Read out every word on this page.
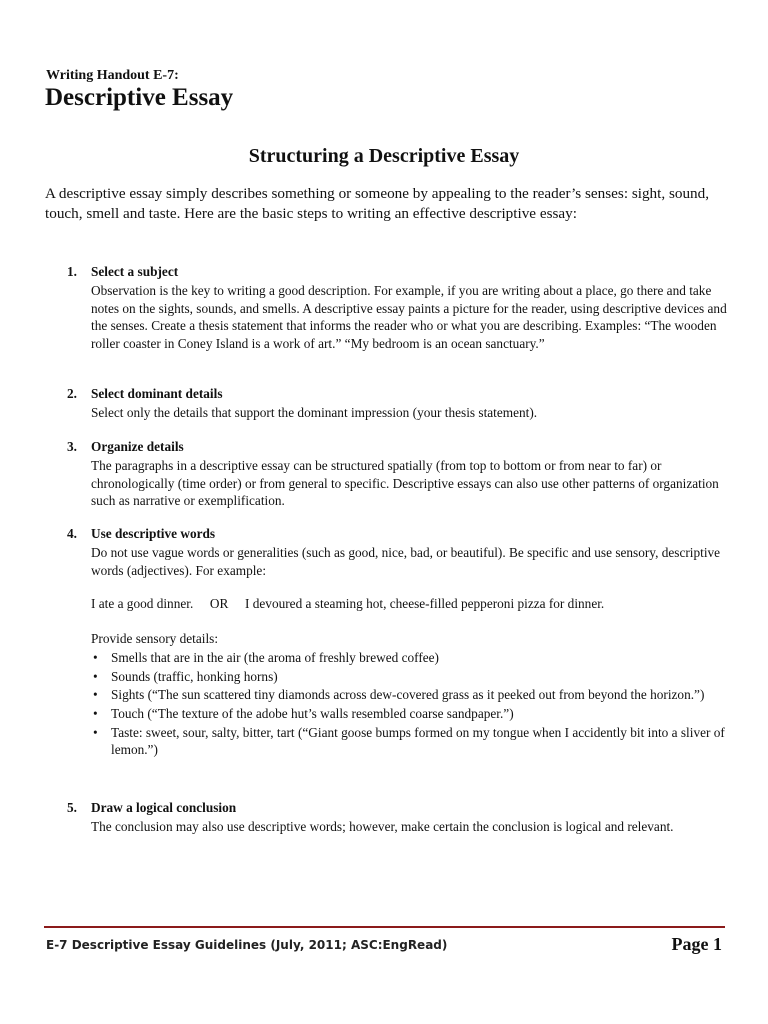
Writing Handout E-7:
Descriptive Essay
Structuring a Descriptive Essay
A descriptive essay simply describes something or someone by appealing to the reader’s senses: sight, sound, touch, smell and taste. Here are the basic steps to writing an effective descriptive essay:
1. Select a subject
Observation is the key to writing a good description. For example, if you are writing about a place, go there and take notes on the sights, sounds, and smells. A descriptive essay paints a picture for the reader, using descriptive devices and the senses. Create a thesis statement that informs the reader who or what you are describing. Examples: “The wooden roller coaster in Coney Island is a work of art.” “My bedroom is an ocean sanctuary.”
2. Select dominant details
Select only the details that support the dominant impression (your thesis statement).
3. Organize details
The paragraphs in a descriptive essay can be structured spatially (from top to bottom or from near to far) or chronologically (time order) or from general to specific. Descriptive essays can also use other patterns of organization such as narrative or exemplification.
4. Use descriptive words
Do not use vague words or generalities (such as good, nice, bad, or beautiful). Be specific and use sensory, descriptive words (adjectives). For example:
I ate a good dinner.     OR     I devoured a steaming hot, cheese-filled pepperoni pizza for dinner.
Provide sensory details:
• Smells that are in the air (the aroma of freshly brewed coffee)
• Sounds (traffic, honking horns)
• Sights (“The sun scattered tiny diamonds across dew-covered grass as it peeked out from beyond the horizon.”)
• Touch (“The texture of the adobe hut’s walls resembled coarse sandpaper.”)
• Taste: sweet, sour, salty, bitter, tart (“Giant goose bumps formed on my tongue when I accidently bit into a sliver of lemon.”)
5. Draw a logical conclusion
The conclusion may also use descriptive words; however, make certain the conclusion is logical and relevant.
E-7 Descriptive Essay Guidelines (July, 2011; ASC:EngRead)	Page 1
